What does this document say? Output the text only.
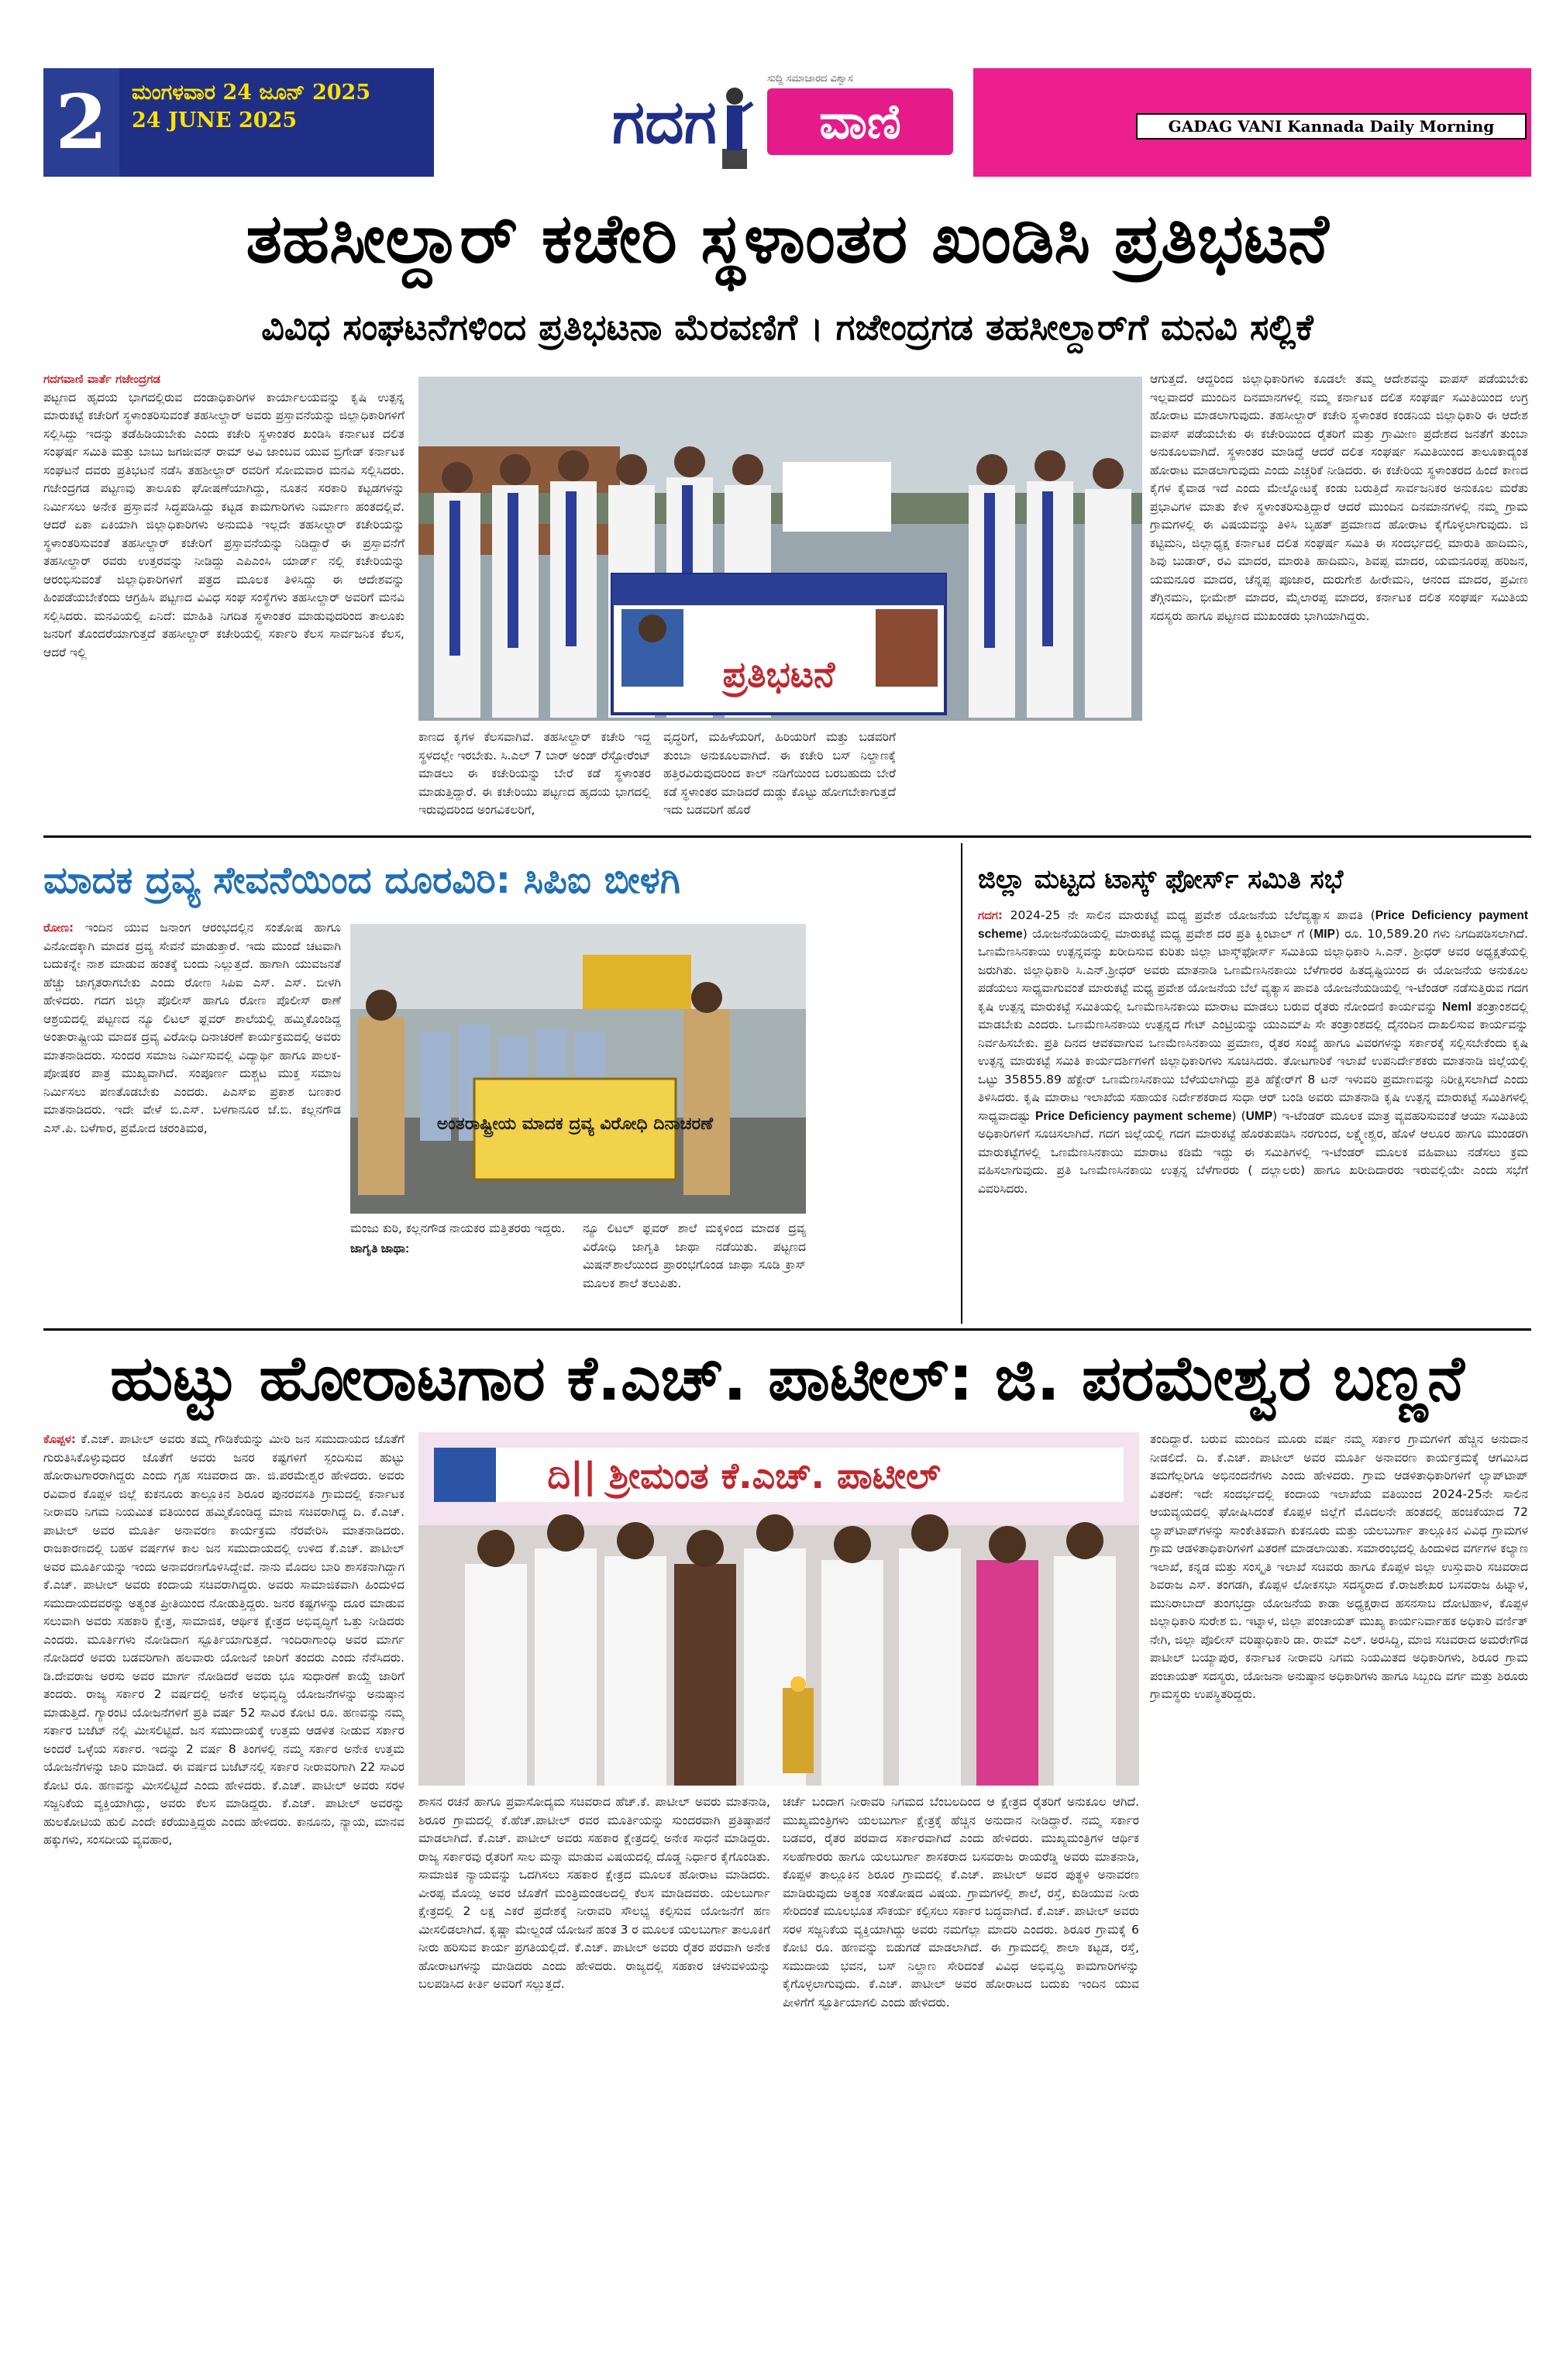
2	ಮಂಗಳವಾರ 24 ಜೂನ್ 2025
24 JUNE 2025	ಗದಗ
ಸುದ್ದಿ ಸಮಾಚಾರದ ವಿಶ್ವಾಸ
ವಾಣಿ	GADAG VANI Kannada Daily Morning
ತಹಸೀಲ್ದಾರ್ ಕಚೇರಿ ಸ್ಥಳಾಂತರ ಖಂಡಿಸಿ ಪ್ರತಿಭಟನೆ
ವಿವಿಧ ಸಂಘಟನೆಗಳಿಂದ ಪ್ರತಿಭಟನಾ ಮೆರವಣಿಗೆ । ಗಜೇಂದ್ರಗಡ ತಹಸೀಲ್ದಾರ್‌ಗೆ ಮನವಿ ಸಲ್ಲಿಕೆ
ಗದಗವಾಣಿ ವಾರ್ತೆ ಗಜೇಂದ್ರಗಡ

ಪಟ್ಟಣದ ಹೃದಯ ಭಾಗದಲ್ಲಿರುವ ದಂಡಾಧಿಕಾರಿಗಳ ಕಾರ್ಯಾಲಯವನ್ನು ಕೃಷಿ ಉತ್ಪನ್ನ ಮಾರುಕಟ್ಟೆ ಕಚೇರಿಗೆ ಸ್ಥಳಾಂತರಿಸುವಂತೆ ತಹಸೀಲ್ದಾರ್ ಅವರು ಪ್ರಸ್ತಾವನೆಯನ್ನು ಜಿಲ್ಲಾಧಿಕಾರಿಗಳಿಗೆ ಸಲ್ಲಿಸಿದ್ದು ಇದನ್ನು ತಡೆಹಿಡಿಯಬೇಕು ಎಂದು ಕಚೇರಿ ಸ್ಥಳಾಂತರ ಖಂಡಿಸಿ ಕರ್ನಾಟಕ ದಲಿತ ಸಂಘರ್ಷ ಸಮಿತಿ ಮತ್ತು ಬಾಬು ಜಗಜೀವನ್ ರಾಮ್ ಅವಿ ಜಾಂಬವ ಯುವ ಬ್ರಿಗೇಡ್ ಕರ್ನಾಟಕ ಸಂಘಟನೆ ದವರು ಪ್ರತಿಭಟನೆ ನಡೆಸಿ ತಹಶೀಲ್ದಾರ್ ರವರಿಗೆ ಸೋಮವಾರ ಮನವಿ ಸಲ್ಲಿಸಿದರು. ಗಜೇಂದ್ರಗಡ ಪಟ್ಟಣವು ತಾಲೂಕು ಘೋಷಣೆಯಾಗಿದ್ದು, ನೂತನ ಸರಕಾರಿ ಕಟ್ಟಡಗಳನ್ನು ನಿರ್ಮಿಸಲು ಅನೇಕ ಪ್ರಸ್ತಾವನೆ ಸಿದ್ಧಪಡಿಸಿದ್ದು ಕಟ್ಟಡ ಕಾಮಗಾರಿಗಳು ನಿರ್ಮಾಣ ಹಂತದಲ್ಲಿವೆ. ಆದರೆ ಏಕಾ ಏಕಿಯಾಗಿ ಜಿಲ್ಲಾಧಿಕಾರಿಗಳು ಅನುಮತಿ ಇಲ್ಲದೇ ತಹಸೀಲ್ದಾರ್ ಕಚೇರಿಯನ್ನು ಸ್ಥಳಾಂತರಿಸುವಂತೆ ತಹಸೀಲ್ದಾರ್ ಕಚೇರಿಗೆ ಪ್ರಸ್ತಾವನೆಯನ್ನು ನಿಡಿದ್ದಾರೆ ಈ ಪ್ರಸ್ತಾವನೆಗೆ ತಹಸೀಲ್ದಾರ್ ರವರು ಉತ್ತರವನ್ನು ನೀಡಿದ್ದು ಎಪಿಎಂಸಿ ಯಾರ್ಡ್ ನಲ್ಲಿ ಕಚೇರಿಯನ್ನು ಆರಂಭಿಸುವಂತೆ ಜಿಲ್ಲಾಧಿಕಾರಿಗಳಿಗೆ ಪತ್ರದ ಮೂಲಕ ತಿಳಿಸಿದ್ದು ಈ ಆದೇಶವನ್ನು ಹಿಂಪಡೆಯಬೇಕೆಂದು ಆಗ್ರಹಿಸಿ ಪಟ್ಟಣದ ವಿವಿಧ ಸಂಘ ಸಂಸ್ಥೆಗಳು ತಹಸೀಲ್ದಾರ್ ಅವರಿಗೆ ಮನವಿ ಸಲ್ಲಿಸಿದರು. ಮನವಿಯಲ್ಲಿ ಏನಿದೆ: ಮಾಹಿತಿ ನಿಗದಿತ ಸ್ಥಳಾಂತರ ಮಾಡುವುದರಿಂದ ತಾಲೂಕು ಜನರಿಗೆ ತೊಂದರೆಯಾಗುತ್ತದೆ ತಹಸೀಲ್ದಾರ್ ಕಚೇರಿಯಲ್ಲಿ ಸರ್ಕಾರಿ ಕೆಲಸ ಸಾರ್ವಜನಿಕ ಕೆಲಸ, ಆದರೆ ಇಲ್ಲಿ

ಪ್ರತಿಭಟನೆ

ಕಾಣದ ಕೃಗಳ ಕೆಲಸವಾಗಿವೆ. ತಹಸೀಲ್ದಾರ್ ಕಚೇರಿ ಇದ್ದ ಸ್ಥಳದಲ್ಲೇ ಇರಬೇಕು. ಸಿ.ಎಲ್ 7 ಬಾರ್ ಅಂಡ್ ರೆಸ್ಟೋರೆಂಟ್ ಮಾಡಲು ಈ ಕಚೇರಿಯನ್ನು ಬೇರೆ ಕಡೆ ಸ್ಥಳಾಂತರ ಮಾಡುತ್ತಿದ್ದಾರೆ. ಈ ಕಚೇರಿಯು ಪಟ್ಟಣದ ಹೃದಯ ಭಾಗದಲ್ಲಿ ಇರುವುದರಿಂದ ಅಂಗವಿಕಲರಿಗೆ,

ವೃದ್ಧರಿಗೆ, ಮಹಿಳೆಯರಿಗೆ, ಹಿರಿಯರಿಗೆ ಮತ್ತು ಬಡವರಿಗೆ ತುಂಬಾ ಅನುಕೂಲವಾಗಿದೆ. ಈ ಕಚೇರಿ ಬಸ್ ನಿಲ್ದಾಣಕ್ಕೆ ಹತ್ತಿರವಿರುವುದರಿಂದ ಕಾಲ್ ನಡಿಗೆಯಿಂದ ಬರಬಹುದು ಬೇರೆ ಕಡೆ ಸ್ಥಳಾಂತರ ಮಾಡಿದರೆ ದುಡ್ಡು ಕೊಟ್ಟು ಹೋಗಬೇಕಾಗುತ್ತದೆ ಇದು ಬಡವರಿಗೆ ಹೊರೆ

ಆಗುತ್ತದೆ. ಆದ್ದರಿಂದ ಜಿಲ್ಲಾಧಿಕಾರಿಗಳು ಕೂಡಲೇ ತಮ್ಮ ಆದೇಶವನ್ನು ವಾಪಸ್ ಪಡೆಯಬೇಕು ಇಲ್ಲವಾದರೆ ಮುಂದಿನ ದಿನಮಾನಗಳಲ್ಲಿ ನಮ್ಮ ಕರ್ನಾಟಕ ದಲಿತ ಸಂಘರ್ಷ ಸಮಿತಿಯಿಂದ ಉಗ್ರ ಹೋರಾಟ ಮಾಡಲಾಗುವುದು. ತಹಸೀಲ್ದಾರ್ ಕಚೇರಿ ಸ್ಥಳಾಂತರ ಕಂಡನಿಯ ಜಿಲ್ಲಾಧಿಕಾರಿ ಈ ಆದೇಶ ವಾಪಸ್ ಪಡೆಯಬೇಕು ಈ ಕಚೇರಿಯಿಂದ ರೈತರಿಗೆ ಮತ್ತು ಗ್ರಾಮೀಣ ಪ್ರದೇಶದ ಜನತೆಗೆ ತುಂಬಾ ಅನುಕೂಲವಾಗಿದೆ. ಸ್ಥಳಾಂತರ ಮಾಡಿದ್ದೆ ಆದರೆ ದಲಿತ ಸಂಘರ್ಷ ಸಮಿತಿಯಿಂದ ತಾಲೂಕಾದ್ಯಂತ ಹೋರಾಟ ಮಾಡಲಾಗುವುದು ಎಂದು ಎಚ್ಚರಿಕೆ ನೀಡಿದರು. ಈ ಕಚೇರಿಯ ಸ್ಥಳಾಂತರದ ಹಿಂದೆ ಕಾಣದ ಕೈಗಳ ಕೈವಾಡ ಇದೆ ಎಂದು ಮೇಲ್ನೋಟಕ್ಕೆ ಕಂಡು ಬರುತ್ತಿದೆ ಸಾರ್ವಜನಿಕರ ಅನುಕೂಲ ಮರೆತು ಪ್ರಭಾವಿಗಳ ಮಾತು ಕೇಳಿ ಸ್ಥಳಾಂತರಿಸುತ್ತಿದ್ದಾರೆ ಆದರೆ ಮುಂದಿನ ದಿನಮಾನಗಳಲ್ಲಿ ನಮ್ಮ ಗ್ರಾಮ ಗ್ರಾಮಗಳಲ್ಲಿ ಈ ವಿಷಯವನ್ನು ತಿಳಿಸಿ ಬೃಹತ್ ಪ್ರಮಾಣದ ಹೋರಾಟ ಕೈಗೊಳ್ಳಲಾಗುವುದು. ಜಿ ಕಟ್ಟಿಮನಿ, ಜಿಲ್ಲಾಧ್ಯಕ್ಷ ಕರ್ನಾಟಕ ದಲಿತ ಸಂಘರ್ಷ ಸಮಿತಿ ಈ ಸಂದರ್ಭದಲ್ಲಿ ಮಾರುತಿ ಹಾದಿಮನಿ, ಶಿವು ಬುಡಾರ್, ರವಿ ಮಾದರ, ಮಾರುತಿ ಹಾದಿಮನಿ, ಶಿವಪ್ಪ ಮಾದರ, ಯಮನೂರಪ್ಪ ಹರಿಜನ, ಯಮನೂರ ಮಾದರ, ಚೆನ್ನಪ್ಪ ಪೂಜಾರ, ದುರುಗೇಶ ಹೀರೇಮನಿ, ಆನಂದ ಮಾದರ, ಪ್ರವೀಣ ತೆಗ್ಗಿನಮನಿ, ಭೀಮೇಶ್ ಮಾದರ, ಮೈಲಾರಪ್ಪ ಮಾದರ, ಕರ್ನಾಟಕ ದಲಿತ ಸಂಘರ್ಷ ಸಮಿತಿಯ ಸದಸ್ಯರು ಹಾಗೂ ಪಟ್ಟಣದ ಮುಖಂಡರು ಭಾಗಿಯಾಗಿದ್ದರು.

ಮಾದಕ ದ್ರವ್ಯ ಸೇವನೆಯಿಂದ ದೂರವಿರಿ: ಸಿಪಿಐ ಬೀಳಗಿ
ರೋಣ: ಇಂದಿನ ಯುವ ಜನಾಂಗ ಆರಂಭದಲ್ಲಿನ ಸಂತೋಷ ಹಾಗೂ ವಿನೋದಕ್ಕಾಗಿ ಮಾದಕ ದ್ರವ್ಯ ಸೇವನೆ ಮಾಡುತ್ತಾರೆ. ಇದು ಮುಂದೆ ಚಟವಾಗಿ ಬದುಕನ್ನೇ ನಾಶ ಮಾಡುವ ಹಂತಕ್ಕೆ ಬಂದು ನಿಲ್ಲುತ್ತದೆ. ಹಾಗಾಗಿ ಯುವಜನತೆ ಹೆಚ್ಚು ಜಾಗೃತರಾಗಬೇಕು ಎಂದು ರೋಣ ಸಿಪಿಐ ಎಸ್. ಎಸ್. ಬೀಳಗಿ ಹೇಳಿದರು. ಗದಗ ಜಿಲ್ಲಾ ಪೊಲೀಸ್ ಹಾಗೂ ರೋಣ ಪೊಲೀಸ್ ಠಾಣೆ ಆಶ್ರಯದಲ್ಲಿ ಪಟ್ಟಣದ ನ್ಯೂ ಲಿಟಲ್ ಫ್ಲವರ್ ಶಾಲೆಯಲ್ಲಿ ಹಮ್ಮಿಕೊಂಡಿದ್ದ ಅಂತಾರಾಷ್ಟ್ರೀಯ ಮಾದಕ ದ್ರವ್ಯ ವಿರೋಧಿ ದಿನಾಚರಣೆ ಕಾರ್ಯಕ್ರಮದಲ್ಲಿ ಅವರು ಮಾತನಾಡಿದರು. ಸುಂದರ ಸಮಾಜ ನಿರ್ಮಿಸುವಲ್ಲಿ ವಿದ್ಯಾರ್ಥಿ ಹಾಗೂ ಪಾಲಕ-ಪೋಷಕರ ಪಾತ್ರ ಮುಖ್ಯವಾಗಿದೆ. ಸಂಪೂರ್ಣ ದುಶ್ಚಟ ಮುಕ್ತ ಸಮಾಜ ನಿರ್ಮಿಸಲು ಪಣತೊಡಬೇಕು ಎಂದರು. ಪಿಎಸ್‌ಐ ಪ್ರಕಾಶ ಬಣಕಾರ ಮಾತನಾಡಿದರು. ಇದೇ ವೇಳೆ ಬಿ.ಎಸ್. ಬಳಗಾನೂರ ಜೆ.ಬಿ. ಕಲ್ಲನಗೌಡ ಎಸ್.ಪಿ. ಬಳೆಗಾರ, ಪ್ರಮೋದ ಚರಂತಿಮಠ,	ಅಂತರಾಷ್ಟ್ರೀಯ ಮಾದಕ ದ್ರವ್ಯ ವಿರೋಧಿ ದಿನಾಚರಣೆ

ಮಂಜು ಕುರಿ, ಕಲ್ಲನಗೌಡ ನಾಯಕರ ಮತ್ತಿತರರು ಇದ್ದರು.

ಜಾಗೃತಿ ಜಾಥಾ:

ನ್ಯೂ ಲಿಟಲ್ ಫ್ಲವರ್ ಶಾಲೆ ಮಕ್ಕಳಿಂದ ಮಾದಕ ದ್ರವ್ಯ ವಿರೋಧಿ ಜಾಗೃತಿ ಜಾಥಾ ನಡೆಯಿತು. ಪಟ್ಟಣದ ಮಿಷನ್‌ಶಾಲೆಯಿಂದ ಪ್ರಾರಂಭಗೊಂಡ ಜಾಥಾ ಸೂಡಿ ಕ್ರಾಸ್ ಮೂಲಕ ಶಾಲೆ ತಲುಪಿತು.

ಜಿಲ್ಲಾ ಮಟ್ಟದ ಟಾಸ್ಕ್ ಫೋರ್ಸ್ ಸಮಿತಿ ಸಭೆ
ಗದಗ: 2024-25 ನೇ ಸಾಲಿನ ಮಾರುಕಟ್ಟೆ ಮಧ್ಯ ಪ್ರವೇಶ ಯೋಜನೆಯ ಬೆಲೆವ್ಯತ್ಯಾಸ ಪಾವತಿ (Price Deficiency payment scheme) ಯೋಜನೆಯಡಿಯಲ್ಲಿ ಮಾರುಕಟ್ಟೆ ಮಧ್ಯ ಪ್ರವೇಶ ದರ ಪ್ರತಿ ಕ್ವಿಂಟಾಲ್ ಗೆ (MIP) ರೂ. 10,589.20 ಗಳು ನಿಗದಿಪಡಿಸಲಾಗಿದೆ. ಒಣಮೆಣಸಿನಕಾಯಿ ಉತ್ಪನ್ನವನ್ನು ಖರೀದಿಸುವ ಕುರಿತು ಜಿಲ್ಲಾ ಟಾಸ್ಕ್‌ಫೋರ್ಸ್ ಸಮಿತಿಯ ಜಿಲ್ಲಾಧಿಕಾರಿ ಸಿ.ಎನ್. ಶ್ರೀಧರ್ ಅವರ ಅಧ್ಯಕ್ಷತೆಯಲ್ಲಿ ಜರುಗಿತು. ಜಿಲ್ಲಾಧಿಕಾರಿ ಸಿ.ಎನ್.ಶ್ರೀಧರ್ ಅವರು ಮಾತನಾಡಿ ಒಣಮೆಣಸಿನಕಾಯಿ ಬೆಳೆಗಾರರ ಹಿತದೃಷ್ಟಿಯಿಂದ ಈ ಯೋಜನೆಯ ಅನುಕೂಲ ಪಡೆಯಲು ಸಾಧ್ಯವಾಗುವಂತೆ ಮಾರುಕಟ್ಟೆ ಮಧ್ಯ ಪ್ರವೇಶ ಯೋಜನೆಯ ಬೆಲೆ ವ್ಯತ್ಯಾಸ ಪಾವತಿ ಯೋಜನೆಯಡಿಯಲ್ಲಿ ಇ-ಟೆಂಡರ್ ನಡೆಸುತ್ತಿರುವ ಗದಗ ಕೃಷಿ ಉತ್ಪನ್ನ ಮಾರುಕಟ್ಟೆ ಸಮಿತಿಯಲ್ಲಿ ಒಣಮೆಣಸಿನಕಾಯಿ ಮಾರಾಟ ಮಾಡಲು ಬರುವ ರೈತರು ನೋಂದಣಿ ಕಾರ್ಯವನ್ನು Neml ತಂತ್ರಾಂಶದಲ್ಲಿ ಮಾಡಬೇಕು ಎಂದರು. ಒಣಮೆಣಸಿನಕಾಯಿ ಉತ್ಪನ್ನದ ಗೇಟ್ ಎಂಟ್ರಿಯನ್ನು ಯುಎಮ್‌ಪಿ ಸೇ ತಂತ್ರಾಂಶದಲ್ಲಿ ದೈನಂದಿನ ದಾಖಲಿಸುವ ಕಾರ್ಯವನ್ನು ನಿರ್ವಹಿಸಬೇಕು. ಪ್ರತಿ ದಿನದ ಆವಕವಾಗುವ ಒಣಮೆಣಸಿನಕಾಯಿ ಪ್ರಮಾಣ, ರೈತರ ಸಂಖ್ಯೆ ಹಾಗೂ ವಿವರಗಳನ್ನು ಸರ್ಕಾರಕ್ಕೆ ಸಲ್ಲಿಸಬೇಕೆಂದು ಕೃಷಿ ಉತ್ಪನ್ನ ಮಾರುಕಟ್ಟೆ ಸಮಿತಿ ಕಾರ್ಯದರ್ಶಿಗಳಿಗೆ ಜಿಲ್ಲಾಧಿಕಾರಿಗಳು ಸೂಚಿಸಿದರು. ತೋಟಗಾರಿಕೆ ಇಲಾಖೆ ಉಪನಿರ್ದೇಶಕರು ಮಾತನಾಡಿ ಜಿಲ್ಲೆಯಲ್ಲಿ ಒಟ್ಟು 35855.89 ಹೆಕ್ಟೇರ್ ಒಣಮೆಣಸಿನಕಾಯಿ ಬೆಳೆಯಲಾಗಿದ್ದು ಪ್ರತಿ ಹೆಕ್ಟೇರ್‌ಗೆ 8 ಟನ್ ಇಳುವರಿ ಪ್ರಮಾಣವನ್ನು ನಿರೀಕ್ಷಿಸಲಾಗಿದೆ ಎಂದು ತಿಳಿಸಿದರು. ಕೃಷಿ ಮಾರಾಟ ಇಲಾಖೆಯ ಸಹಾಯಕ ನಿರ್ದೇಶಕರಾದ ಸುಧಾ ಆರ್ ಬಂಡಿ ಅವರು ಮಾತನಾಡಿ ಕೃಷಿ ಉತ್ಪನ್ನ ಮಾರುಕಟ್ಟೆ ಸಮಿತಿಗಳಲ್ಲಿ ಸಾಧ್ಯವಾದಷ್ಟು Price Deficiency payment scheme) (UMP) ಇ-ಟೆಂಡರ್ ಮೂಲಕ ಮಾತ್ರ ವ್ಯವಹರಿಸುವಂತೆ ಆಯಾ ಸಮಿತಿಯ ಅಧಿಕಾರಿಗಳಿಗೆ ಸೂಚಿಸಲಾಗಿದೆ. ಗದಗ ಜಿಲ್ಲೆಯಲ್ಲಿ ಗದಗ ಮಾರುಕಟ್ಟೆ ಹೊರತುಪಡಿಸಿ ನರಗುಂದ, ಲಕ್ಷ್ಮೇಶ್ವರ, ಹೊಳೆ ಆಲೂರ ಹಾಗೂ ಮುಂಡರಗಿ ಮಾರುಕಟ್ಟೆಗಳಲ್ಲಿ ಒಣಮೆಣಸಿನಕಾಯಿ ಮಾರಾಟ ಕಡಿಮೆ ಇದ್ದು ಈ ಸಮಿತಿಗಳಲ್ಲಿ ಇ-ಟೆಂಡರ್ ಮೂಲಕ ವಹಿವಾಟು ನಡೆಸಲು ಕ್ರಮ ವಹಿಸಲಾಗುವುದು. ಪ್ರತಿ ಒಣಮೆಣಸಿನಕಾಯಿ ಉತ್ಪನ್ನ ಬೆಳೆಗಾರರು ( ದಲ್ಲಾಲರು) ಹಾಗೂ ಖರೀದಿದಾರರು ಇರುವಲ್ಲಿಯೇ ಎಂದು ಸಭೆಗೆ ವಿವರಿಸಿದರು.
ಹುಟ್ಟು ಹೋರಾಟಗಾರ ಕೆ.ಎಚ್. ಪಾಟೀಲ್: ಜಿ. ಪರಮೇಶ್ವರ ಬಣ್ಣನೆ
ಕೊಪ್ಪಳ: ಕೆ.ಎಚ್. ಪಾಟೀಲ್ ಅವರು ತಮ್ಮ ಗೌಡಿಕೆಯನ್ನು ಮೀರಿ ಜನ ಸಮುದಾಯದ ಜೊತೆಗೆ ಗುರುತಿಸಿಕೊಳ್ಳುವುದರ ಜೊತೆಗೆ ಅವರು ಜನರ ಕಷ್ಟಗಳಿಗೆ ಸ್ಪಂದಿಸುವ ಹುಟ್ಟು ಹೋರಾಟಗಾರರಾಗಿದ್ದರು ಎಂದು ಗೃಹ ಸಚಿವರಾದ ಡಾ. ಜಿ.ಪರಮೇಶ್ವರ ಹೇಳಿದರು. ಅವರು ರವಿವಾರ ಕೊಪ್ಪಳ ಜಿಲ್ಲೆ ಕುಕನೂರು ತಾಲ್ಲೂಕಿನ ಶಿರೂರ ಪುನರವಸತಿ ಗ್ರಾಮದಲ್ಲಿ ಕರ್ನಾಟಕ ನೀರಾವರಿ ನಿಗಮ ನಿಯಮಿತ ವತಿಯಿಂದ ಹಮ್ಮಿಕೊಂಡಿದ್ದ ಮಾಜಿ ಸಚಿವರಾಗಿದ್ದ ದಿ. ಕೆ.ಎಚ್. ಪಾಟೀಲ್ ಅವರ ಮೂರ್ತಿ ಅನಾವರಣ ಕಾರ್ಯಕ್ರಮ ನೆರವೇರಿಸಿ ಮಾತನಾಡಿದರು. ರಾಜಕಾರಣದಲ್ಲಿ ಬಹಳ ವರ್ಷಗಳ ಕಾಲ ಜನ ಸಮುದಾಯದಲ್ಲಿ ಉಳಿದ ಕೆ.ಎಚ್. ಪಾಟೀಲ್ ಅವರ ಮೂರ್ತಿಯನ್ನು ಇಂದು ಅನಾವರಣಗೊಳಿಸಿದ್ದೇವೆ. ನಾನು ಮೊದಲ ಬಾರಿ ಶಾಸಕನಾಗಿದ್ದಾಗ ಕೆ.ಎಚ್. ಪಾಟೀಲ್ ಅವರು ಕಂದಾಯ ಸಚಿವರಾಗಿದ್ದರು. ಅವರು ಸಾಮಾಜಿಕವಾಗಿ ಹಿಂದುಳಿದ ಸಮುದಾಯದವರನ್ನು ಅತ್ಯಂತ ಪ್ರೀತಿಯಿಂದ ನೋಡುತ್ತಿದ್ದರು. ಜನರ ಕಷ್ಟಗಳನ್ನು ದೂರ ಮಾಡುವ ಸಲುವಾಗಿ ಅವರು ಸಹಕಾರಿ ಕ್ಷೇತ್ರ, ಸಾಮಾಜಿಕ, ಆರ್ಥಿಕ ಕ್ಷೇತ್ರದ ಅಭಿವೃದ್ಧಿಗೆ ಒತ್ತು ನೀಡಿದರು ಎಂದರು. ಮೂರ್ತಿಗಳು ನೋಡಿದಾಗ ಸ್ಫೂರ್ತಿಯಾಗುತ್ತದೆ. ಇಂದಿರಾಗಾಂಧಿ ಅವರ ಮಾರ್ಗ ನೋಡಿದರೆ ಅವರು ಬಡವರಿಗಾಗಿ ಹಲವಾರು ಯೋಜನೆ ಜಾರಿಗೆ ತಂದರು ಎಂದು ನೆನೆಸಿದರು. ಡಿ.ದೇವರಾಜ ಅರಸು ಅವರ ಮಾರ್ಗ ನೋಡಿದರೆ ಅವರು ಭೂ ಸುಧಾರಣೆ ಕಾಯ್ದೆ ಜಾರಿಗೆ ತಂದರು. ರಾಜ್ಯ ಸರ್ಕಾರ 2 ವರ್ಷದಲ್ಲಿ ಅನೇಕ ಅಭಿವೃದ್ಧಿ ಯೋಜನೆಗಳನ್ನು ಅನುಷ್ಠಾನ ಮಾಡುತ್ತಿದೆ. ಗ್ಯಾರಂಟಿ ಯೋಜನೆಗಳಿಗೆ ಪ್ರತಿ ವರ್ಷ 52 ಸಾವಿರ ಕೋಟಿ ರೂ. ಹಣವನ್ನು ನಮ್ಮ ಸರ್ಕಾರ ಬಜೆಟ್ ನಲ್ಲಿ ಮೀಸಲಿಟ್ಟಿದೆ. ಜನ ಸಮುದಾಯಕ್ಕೆ ಉತ್ತಮ ಆಡಳಿತ ನೀಡುವ ಸರ್ಕಾರ ಅಂದರೆ ಒಳ್ಳೆಯ ಸರ್ಕಾರ. ಇದನ್ನು 2 ವರ್ಷ 8 ತಿಂಗಳಲ್ಲಿ ನಮ್ಮ ಸರ್ಕಾರ ಅನೇಕ ಉತ್ತಮ ಯೋಜನೆಗಳನ್ನು ಜಾರಿ ಮಾಡಿದೆ. ಈ ವರ್ಷದ ಬಜೆಟ್‌ನಲ್ಲಿ ಸರ್ಕಾರ ನೀರಾವರಿಗಾಗಿ 22 ಸಾವಿರ ಕೋಟಿ ರೂ. ಹಣವನ್ನು ಮೀಸಲಿಟ್ಟಿದೆ ಎಂದು ಹೇಳಿದರು. ಕೆ.ಎಚ್. ಪಾಟೀಲ್ ಅವರು ಸರಳ ಸಜ್ಜನಿಕೆಯ ವ್ಯಕ್ತಿಯಾಗಿದ್ದು, ಅವರು ಕೆಲಸ ಮಾಡಿದ್ದರು. ಕೆ.ಎಚ್. ಪಾಟೀಲ್ ಅವರನ್ನು ಹುಲಕೋಟಿಯ ಹುಲಿ ಎಂದೇ ಕರೆಯುತ್ತಿದ್ದರು ಎಂದು ಹೇಳಿದರು. ಕಾನೂನು, ನ್ಯಾಯ, ಮಾನವ ಹಕ್ಕುಗಳು, ಸಂಸದೀಯ ವ್ಯವಹಾರ,
ದಿ|| ಶ್ರೀಮಂತ ಕೆ.ಎಚ್. ಪಾಟೀಲ್

ಶಾಸನ ರಚನೆ ಹಾಗೂ ಪ್ರವಾಸೋದ್ಯಮ ಸಚಿವರಾದ ಹೆಚ್.ಕೆ. ಪಾಟೀಲ್ ಅವರು ಮಾತನಾಡಿ, ಶಿರೂರ ಗ್ರಾಮದಲ್ಲಿ ಕೆ.ಹೆಚ್.ಪಾಟೀಲ್ ರವರ ಮೂರ್ತಿಯನ್ನು ಸುಂದರವಾಗಿ ಪ್ರತಿಷ್ಠಾಪನೆ ಮಾಡಲಾಗಿದೆ. ಕೆ.ಎಚ್. ಪಾಟೀಲ್ ಅವರು ಸಹಕಾರ ಕ್ಷೇತ್ರದಲ್ಲಿ ಅನೇಕ ಸಾಧನೆ ಮಾಡಿದ್ದರು. ರಾಜ್ಯ ಸರ್ಕಾರವು ರೈತರಿಗೆ ಸಾಲ ಮನ್ನಾ ಮಾಡುವ ವಿಷಯದಲ್ಲಿ ದೊಡ್ಡ ನಿರ್ಧಾರ ಕೈಗೊಂಡಿತು. ಸಾಮಾಜಿಕ ನ್ಯಾಯವನ್ನು ಒದಗಿಸಲು ಸಹಕಾರ ಕ್ಷೇತ್ರದ ಮೂಲಕ ಹೋರಾಟ ಮಾಡಿದರು. ವೀರಪ್ಪ ಮೊಯ್ಲಿ ಅವರ ಜೊತೆಗೆ ಮಂತ್ರಿಮಂಡಲದಲ್ಲಿ ಕೆಲಸ ಮಾಡಿದವರು. ಯಲಬುರ್ಗಾ ಕ್ಷೇತ್ರದಲ್ಲಿ 2 ಲಕ್ಷ ಎಕರೆ ಪ್ರದೇಶಕ್ಕೆ ನೀರಾವರಿ ಸೌಲಭ್ಯ ಕಲ್ಪಿಸುವ ಯೋಜನೆಗೆ ಹಣ ಮೀಸಲಿಡಲಾಗಿದೆ. ಕೃಷ್ಣಾ ಮೇಲ್ದಂಡೆ ಯೋಜನೆ ಹಂತ 3 ರ ಮೂಲಕ ಯಲಬುರ್ಗಾ ತಾಲೂಕಿಗೆ ನೀರು ಹರಿಸುವ ಕಾರ್ಯ ಪ್ರಗತಿಯಲ್ಲಿದೆ. ಕೆ.ಎಚ್. ಪಾಟೀಲ್ ಅವರು ರೈತರ ಪರವಾಗಿ ಅನೇಕ ಹೋರಾಟಗಳನ್ನು ಮಾಡಿದರು ಎಂದು ಹೇಳಿದರು. ರಾಜ್ಯದಲ್ಲಿ ಸಹಕಾರ ಚಳುವಳಿಯನ್ನು ಬಲಪಡಿಸಿದ ಕೀರ್ತಿ ಅವರಿಗೆ ಸಲ್ಲುತ್ತದೆ.

ಚರ್ಚೆ ಬಂದಾಗ ನೀರಾವರಿ ನಿಗಮದ ಬೆಂಬಲದಿಂದ ಆ ಕ್ಷೇತ್ರದ ರೈತರಿಗೆ ಅನುಕೂಲ ಆಗಿದೆ. ಮುಖ್ಯಮಂತ್ರಿಗಳು ಯಲಬುರ್ಗಾ ಕ್ಷೇತ್ರಕ್ಕೆ ಹೆಚ್ಚಿನ ಅನುದಾನ ನೀಡಿದ್ದಾರೆ. ನಮ್ಮ ಸರ್ಕಾರ ಬಡವರ, ರೈತರ ಪರವಾದ ಸರ್ಕಾರವಾಗಿದೆ ಎಂದು ಹೇಳಿದರು. ಮುಖ್ಯಮಂತ್ರಿಗಳ ಆರ್ಥಿಕ ಸಲಹೆಗಾರರು ಹಾಗೂ ಯಲಬುರ್ಗಾ ಶಾಸಕರಾದ ಬಸವರಾಜ ರಾಯರೆಡ್ಡಿ ಅವರು ಮಾತನಾಡಿ, ಕೊಪ್ಪಳ ತಾಲ್ಲೂಕಿನ ಶಿರೂರ ಗ್ರಾಮದಲ್ಲಿ ಕೆ.ಎಚ್. ಪಾಟೀಲ್ ಅವರ ಪುತ್ಥಳಿ ಅನಾವರಣ ಮಾಡಿರುವುದು ಅತ್ಯಂತ ಸಂತೋಷದ ವಿಷಯ. ಗ್ರಾಮಗಳಲ್ಲಿ ಶಾಲೆ, ರಸ್ತೆ, ಕುಡಿಯುವ ನೀರು ಸೇರಿದಂತೆ ಮೂಲಭೂತ ಸೌಕರ್ಯ ಕಲ್ಪಿಸಲು ಸರ್ಕಾರ ಬದ್ಧವಾಗಿದೆ. ಕೆ.ಎಚ್. ಪಾಟೀಲ್ ಅವರು ಸರಳ ಸಜ್ಜನಿಕೆಯ ವ್ಯಕ್ತಿಯಾಗಿದ್ದು ಅವರು ನಮಗೆಲ್ಲಾ ಮಾದರಿ ಎಂದರು. ಶಿರೂರ ಗ್ರಾಮಕ್ಕೆ 6 ಕೋಟಿ ರೂ. ಹಣವನ್ನು ಬಿಡುಗಡೆ ಮಾಡಲಾಗಿದೆ. ಈ ಗ್ರಾಮದಲ್ಲಿ ಶಾಲಾ ಕಟ್ಟಡ, ರಸ್ತೆ, ಸಮುದಾಯ ಭವನ, ಬಸ್ ನಿಲ್ದಾಣ ಸೇರಿದಂತೆ ವಿವಿಧ ಅಭಿವೃದ್ಧಿ ಕಾಮಗಾರಿಗಳನ್ನು ಕೈಗೊಳ್ಳಲಾಗುವುದು. ಕೆ.ಎಚ್. ಪಾಟೀಲ್ ಅವರ ಹೋರಾಟದ ಬದುಕು ಇಂದಿನ ಯುವ ಪೀಳಿಗೆಗೆ ಸ್ಫೂರ್ತಿಯಾಗಲಿ ಎಂದು ಹೇಳಿದರು.

ತಂದಿದ್ದಾರೆ. ಬರುವ ಮುಂದಿನ ಮೂರು ವರ್ಷ ನಮ್ಮ ಸರ್ಕಾರ ಗ್ರಾಮಗಳಿಗೆ ಹೆಚ್ಚಿನ ಅನುದಾನ ನೀಡಲಿದೆ. ದಿ. ಕೆ.ಎಚ್. ಪಾಟೀಲ್ ಅವರ ಮೂರ್ತಿ ಅನಾವರಣ ಕಾರ್ಯಕ್ರಮಕ್ಕೆ ಆಗಮಿಸಿದ ತಮಗೆಲ್ಲರಿಗೂ ಅಭಿನಂದನೆಗಳು ಎಂದು ಹೇಳಿದರು. ಗ್ರಾಮ ಆಡಳಿತಾಧಿಕಾರಿಗಳಿಗೆ ಲ್ಯಾಪ್‌ಟಾಪ್ ವಿತರಣೆ: ಇದೇ ಸಂದರ್ಭದಲ್ಲಿ ಕಂದಾಯ ಇಲಾಖೆಯ ವತಿಯಿಂದ 2024-25ನೇ ಸಾಲಿನ ಆಯವ್ಯಯದಲ್ಲಿ ಘೋಷಿಸಿದಂತೆ ಕೊಪ್ಪಳ ಜಿಲ್ಲೆಗೆ ಮೊದಲನೇ ಹಂತದಲ್ಲಿ ಹಂಚಿಕೆಯಾದ 72 ಲ್ಯಾಪ್‌ಟಾಪ್‌ಗಳನ್ನು ಸಾಂಕೇತಿಕವಾಗಿ ಕುಕನೂರು ಮತ್ತು ಯಲಬುರ್ಗಾ ತಾಲ್ಲೂಕಿನ ವಿವಿಧ ಗ್ರಾಮಗಳ ಗ್ರಾಮ ಆಡಳಿತಾಧಿಕಾರಿಗಳಿಗೆ ವಿತರಣೆ ಮಾಡಲಾಯಿತು. ಸಮಾರಂಭದಲ್ಲಿ ಹಿಂದುಳಿದ ವರ್ಗಗಳ ಕಲ್ಯಾಣ ಇಲಾಖೆ, ಕನ್ನಡ ಮತ್ತು ಸಂಸ್ಕೃತಿ ಇಲಾಖೆ ಸಚಿವರು ಹಾಗೂ ಕೊಪ್ಪಳ ಜಿಲ್ಲಾ ಉಸ್ತುವಾರಿ ಸಚಿವರಾದ ಶಿವರಾಜ ಎಸ್. ತಂಗಡಗಿ, ಕೊಪ್ಪಳ ಲೋಕಸಭಾ ಸದಸ್ಯರಾದ ಕೆ.ರಾಜಶೇಖರ ಬಸವರಾಜ ಹಿಟ್ನಾಳ, ಮುನಿರಾಬಾದ್ ತುಂಗಭದ್ರಾ ಯೋಜನೆಯ ಕಾಡಾ ಅಧ್ಯಕ್ಷರಾದ ಹಸನಸಾಬ ದೋಟಿಹಾಳ, ಕೊಪ್ಪಳ ಜಿಲ್ಲಾಧಿಕಾರಿ ಸುರೇಶ ಬಿ. ಇಟ್ನಾಳ, ಜಿಲ್ಲಾ ಪಂಚಾಯತ್ ಮುಖ್ಯ ಕಾರ್ಯನಿರ್ವಾಹಕ ಅಧಿಕಾರಿ ವರ್ಣಿತ್ ನೇಗಿ, ಜಿಲ್ಲಾ ಪೊಲೀಸ್ ವರಿಷ್ಠಾಧಿಕಾರಿ ಡಾ. ರಾಮ್ ಎಲ್. ಅರಸಿದ್ದಿ, ಮಾಜಿ ಸಚಿವರಾದ ಅಮರೇಗೌಡ ಪಾಟೀಲ್ ಬಯ್ಯಾಪುರ, ಕರ್ನಾಟಕ ನೀರಾವರಿ ನಿಗಮ ನಿಯಮಿತದ ಅಧಿಕಾರಿಗಳು, ಶಿರೂರ ಗ್ರಾಮ ಪಂಚಾಯತ್ ಸದಸ್ಯರು, ಯೋಜನಾ ಅನುಷ್ಠಾನ ಅಧಿಕಾರಿಗಳು ಹಾಗೂ ಸಿಬ್ಬಂದಿ ವರ್ಗ ಮತ್ತು ಶಿರೂರು ಗ್ರಾಮಸ್ಥರು ಉಪಸ್ಥಿತರಿದ್ದರು.
